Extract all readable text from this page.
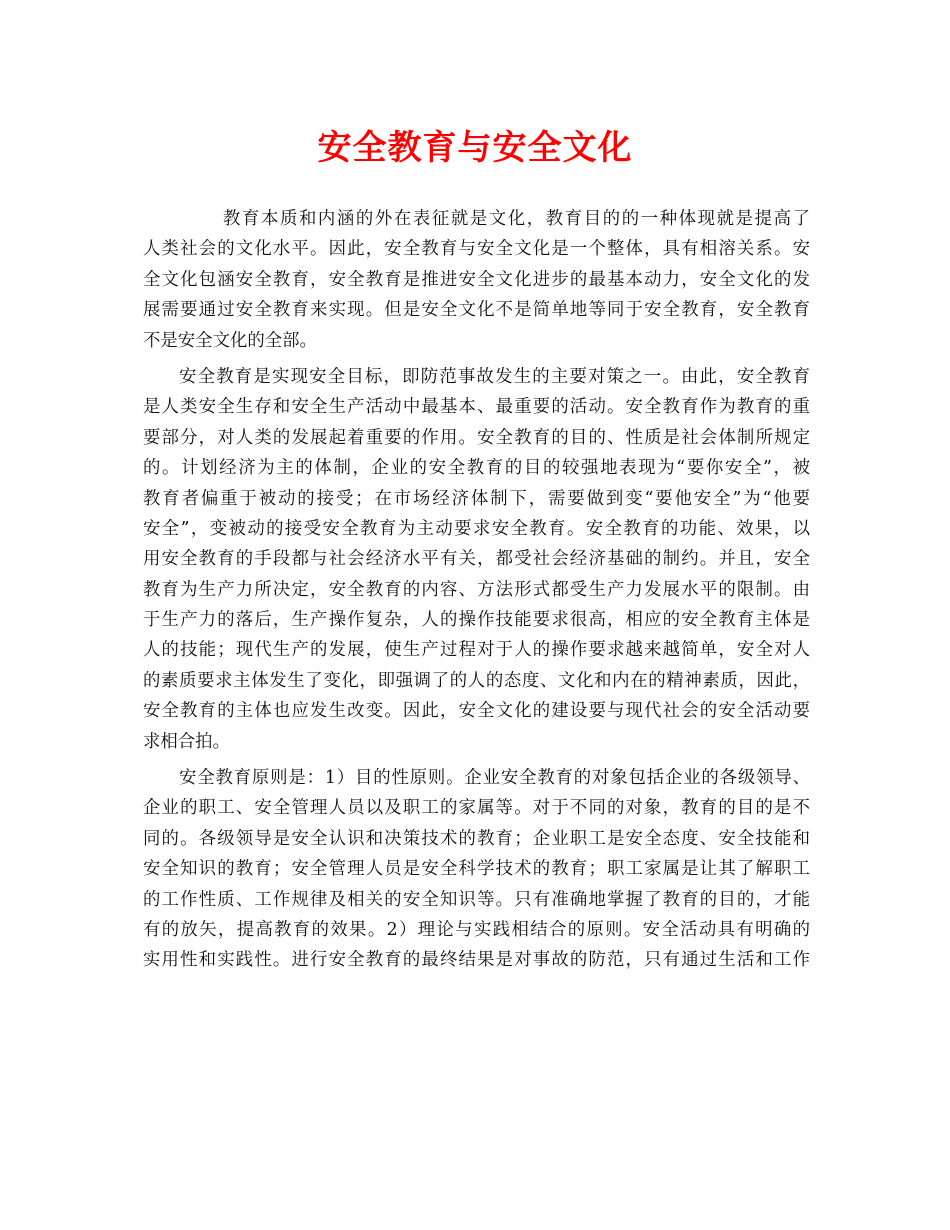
安全教育与安全文化
教育本质和内涵的外在表征就是文化，教育目的的一种体现就是提高了
人类社会的文化水平。因此，安全教育与安全文化是一个整体，具有相溶关系。安
全文化包涵安全教育，安全教育是推进安全文化进步的最基本动力，安全文化的发
展需要通过安全教育来实现。但是安全文化不是简单地等同于安全教育，安全教育
不是安全文化的全部。
安全教育是实现安全目标，即防范事故发生的主要对策之一。由此，安全教育
是人类安全生存和安全生产活动中最基本、最重要的活动。安全教育作为教育的重
要部分，对人类的发展起着重要的作用。安全教育的目的、性质是社会体制所规定
的。计划经济为主的体制，企业的安全教育的目的较强地表现为“要你安全”，被
教育者偏重于被动的接受；在市场经济体制下，需要做到变“要他安全”为“他要
安全”，变被动的接受安全教育为主动要求安全教育。安全教育的功能、效果，以
用安全教育的手段都与社会经济水平有关，都受社会经济基础的制约。并且，安全
教育为生产力所决定，安全教育的内容、方法形式都受生产力发展水平的限制。由
于生产力的落后，生产操作复杂，人的操作技能要求很高，相应的安全教育主体是
人的技能；现代生产的发展，使生产过程对于人的操作要求越来越简单，安全对人
的素质要求主体发生了变化，即强调了的人的态度、文化和内在的精神素质，因此，
安全教育的主体也应发生改变。因此，安全文化的建设要与现代社会的安全活动要
求相合拍。
安全教育原则是：1）目的性原则。企业安全教育的对象包括企业的各级领导、
企业的职工、安全管理人员以及职工的家属等。对于不同的对象，教育的目的是不
同的。各级领导是安全认识和决策技术的教育；企业职工是安全态度、安全技能和
安全知识的教育；安全管理人员是安全科学技术的教育；职工家属是让其了解职工
的工作性质、工作规律及相关的安全知识等。只有准确地掌握了教育的目的，才能
有的放矢，提高教育的效果。2）理论与实践相结合的原则。安全活动具有明确的
实用性和实践性。进行安全教育的最终结果是对事故的防范，只有通过生活和工作
